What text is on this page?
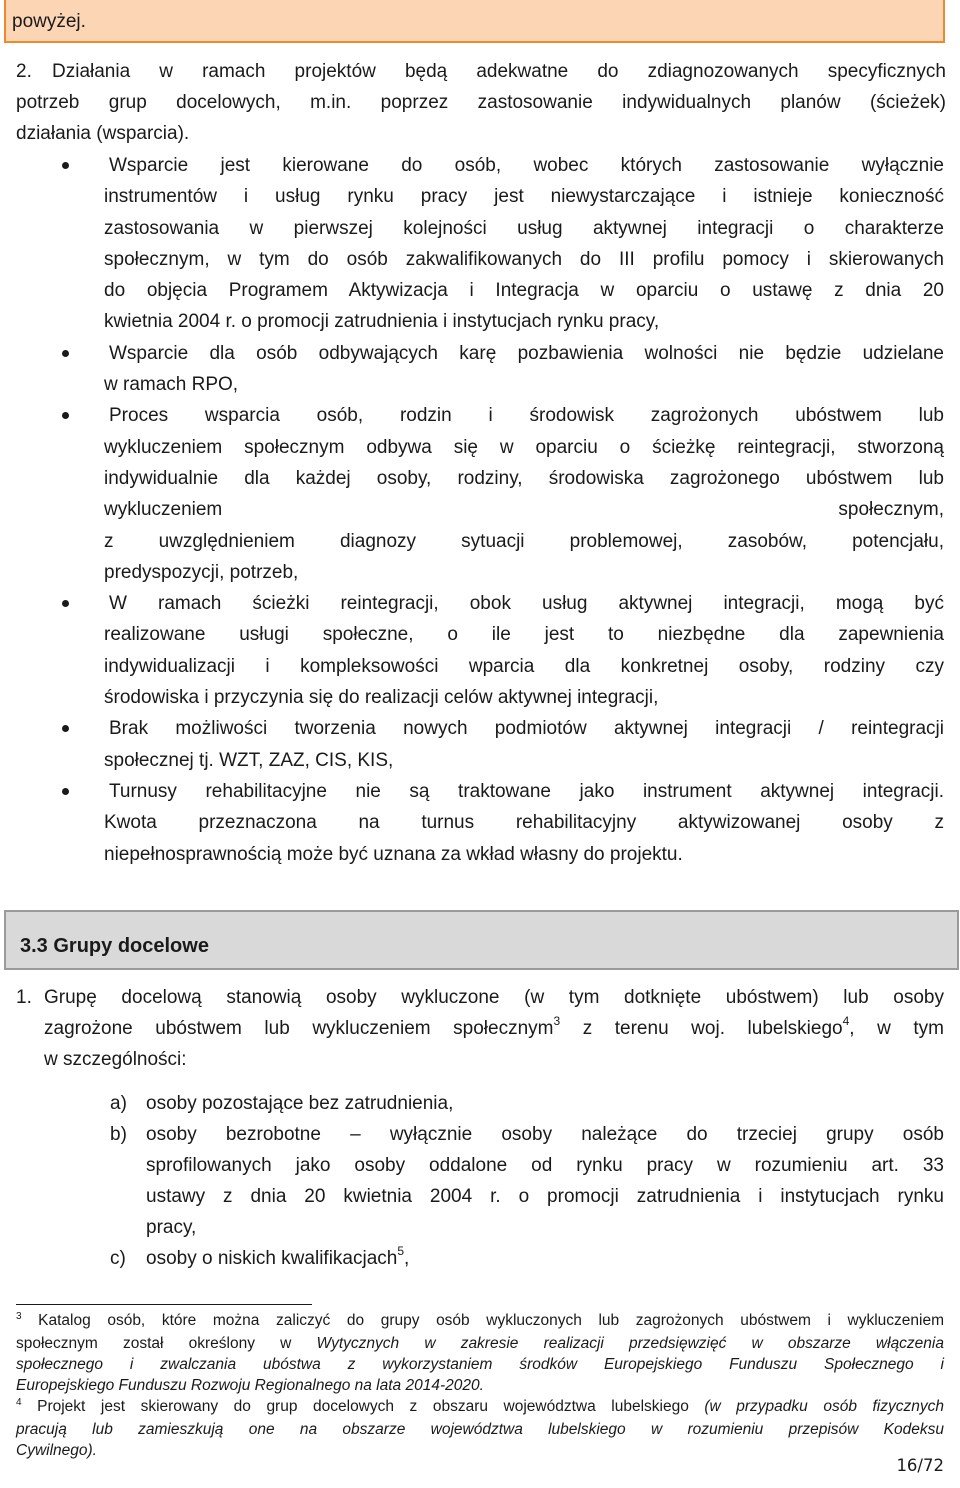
powyżej.
2. Działania w ramach projektów będą adekwatne do zdiagnozowanych specyficznych
potrzeb grup docelowych, m.in. poprzez zastosowanie indywidualnych planów (ścieżek)
działania (wsparcia).
Wsparcie jest kierowane do osób, wobec których zastosowanie wyłącznie
instrumentów i usług rynku pracy jest niewystarczające i istnieje konieczność
zastosowania w pierwszej kolejności usług aktywnej integracji o charakterze
społecznym, w tym do osób zakwalifikowanych do III profilu pomocy i skierowanych
do objęcia Programem Aktywizacja i Integracja w oparciu o ustawę z dnia 20
kwietnia 2004 r. o promocji zatrudnienia i instytucjach rynku pracy,
Wsparcie dla osób odbywających karę pozbawienia wolności nie będzie udzielane
w ramach RPO,
Proces wsparcia osób, rodzin i środowisk zagrożonych ubóstwem lub
wykluczeniem społecznym odbywa się w oparciu o ścieżkę reintegracji, stworzoną
indywidualnie dla każdej osoby, rodziny, środowiska zagrożonego ubóstwem lub
wykluczeniem społecznym,
z uwzględnieniem diagnozy sytuacji problemowej, zasobów, potencjału,
predyspozycji, potrzeb,
W ramach ścieżki reintegracji, obok usług aktywnej integracji, mogą być
realizowane usługi społeczne, o ile jest to niezbędne dla zapewnienia
indywidualizacji i kompleksowości wparcia dla konkretnej osoby, rodziny czy
środowiska i przyczynia się do realizacji celów aktywnej integracji,
Brak możliwości tworzenia nowych podmiotów aktywnej integracji / reintegracji
społecznej tj. WZT, ZAZ, CIS, KIS,
Turnusy rehabilitacyjne nie są traktowane jako instrument aktywnej integracji.
Kwota przeznaczona na turnus rehabilitacyjny aktywizowanej osoby z
niepełnosprawnością może być uznana za wkład własny do projektu.
3.3 Grupy docelowe
1. Grupę docelową stanowią osoby wykluczone (w tym dotknięte ubóstwem) lub osoby
zagrożone ubóstwem lub wykluczeniem społecznym$^3$ z terenu woj. lubelskiego$^4$, w tym
w szczególności:
a) osoby pozostające bez zatrudnienia,
b) osoby bezrobotne – wyłącznie osoby należące do trzeciej grupy osób
sprofilowanych jako osoby oddalone od rynku pracy w rozumieniu art. 33
ustawy z dnia 20 kwietnia 2004 r. o promocji zatrudnienia i instytucjach rynku
pracy,
c) osoby o niskich kwalifikacjach$^5$,
$^3$ Katalog osób, które można zaliczyć do grupy osób wykluczonych lub zagrożonych ubóstwem i wykluczeniem
społecznym został określony w Wytycznych w zakresie realizacji przedsięwzięć w obszarze włączenia
społecznego i zwalczania ubóstwa z wykorzystaniem środków Europejskiego Funduszu Społecznego i
Europejskiego Funduszu Rozwoju Regionalnego na lata 2014-2020.
$^4$ Projekt jest skierowany do grup docelowych z obszaru województwa lubelskiego (w przypadku osób fizycznych
pracują lub zamieszkują one na obszarze województwa lubelskiego w rozumieniu przepisów Kodeksu
Cywilnego).
16/72
